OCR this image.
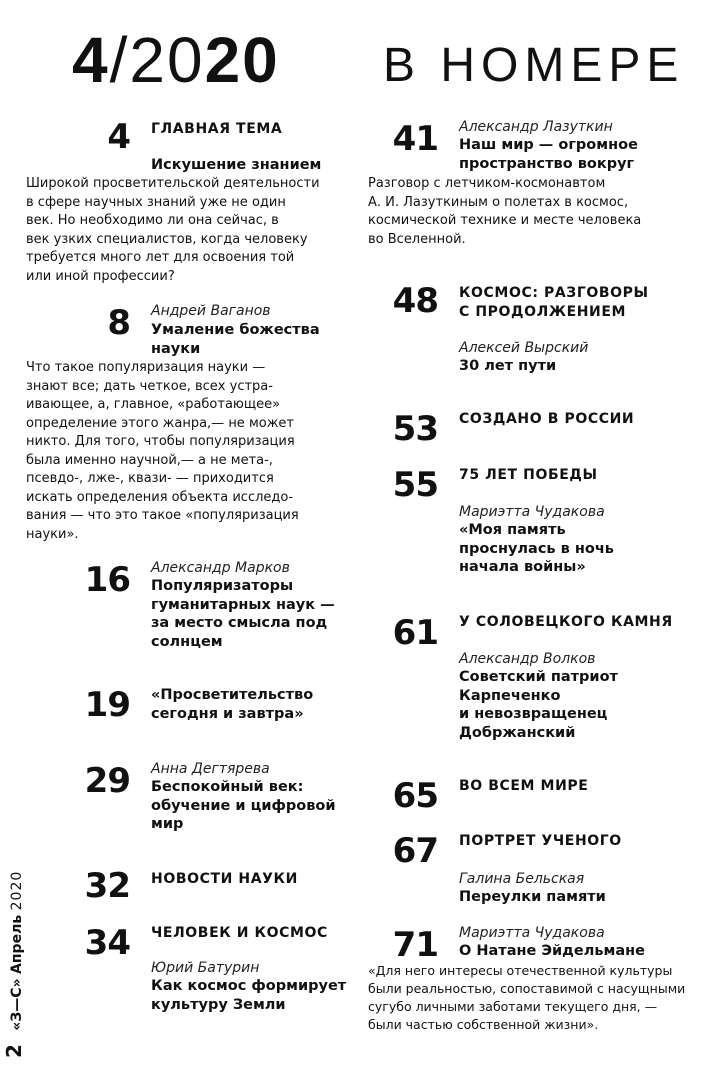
4/2020 В НОМЕРЕ
2   «З—С» Апрель 2020
4 ГЛАВНАЯ ТЕМА
Искушение знанием
Широкой просветительской деятельности
в сфере научных знаний уже не один
век. Но необходимо ли она сейчас, в
век узких специалистов, когда человеку
требуется много лет для освоения той
или иной профессии?
8 Андрей Ваганов
Умаление божества
науки
Что такое популяризация науки —
знают все; дать четкое, всех устра-
ивающее, а, главное, «работающее»
определение этого жанра,— не может
никто. Для того, чтобы популяризация
была именно научной,— а не мета-,
псевдо-, лже-, квази- — приходится
искать определения объекта исследо-
вания — что это такое «популяризация
науки».
16 Александр Марков
Популяризаторы
гуманитарных наук —
за место смысла под
солнцем
19 «Просветительство
сегодня и завтра»
29 Анна Дегтярева
Беспокойный век:
обучение и цифровой
мир
32 НОВОСТИ НАУКИ
34 ЧЕЛОВЕК И КОСМОС
Юрий Батурин
Как космос формирует
культуру Земли
41 Александр Лазуткин
Наш мир — огромное
пространство вокруг
Разговор с летчиком-космонавтом
А. И. Лазуткиным о полетах в космос,
космической технике и месте человека
во Вселенной.
48 КОСМОС: РАЗГОВОРЫ
С ПРОДОЛЖЕНИЕМ
Алексей Вырский
30 лет пути
53 СОЗДАНО В РОССИИ
55 75 ЛЕТ ПОБЕДЫ
Мариэтта Чудакова
«Моя память
проснулась в ночь
начала войны»
61 У СОЛОВЕЦКОГО КАМНЯ
Александр Волков
Советский патриот
Карпеченко
и невозвращенец
Добржанский
65 ВО ВСЕМ МИРЕ
67 ПОРТРЕТ УЧЕНОГО
Галина Бельская
Переулки памяти
71 Мариэтта Чудакова
О Натане Эйдельмане
«Для него интересы отечественной культуры
были реальностью, сопоставимой с насущными
сугубо личными заботами текущего дня, —
были частью собственной жизни».
